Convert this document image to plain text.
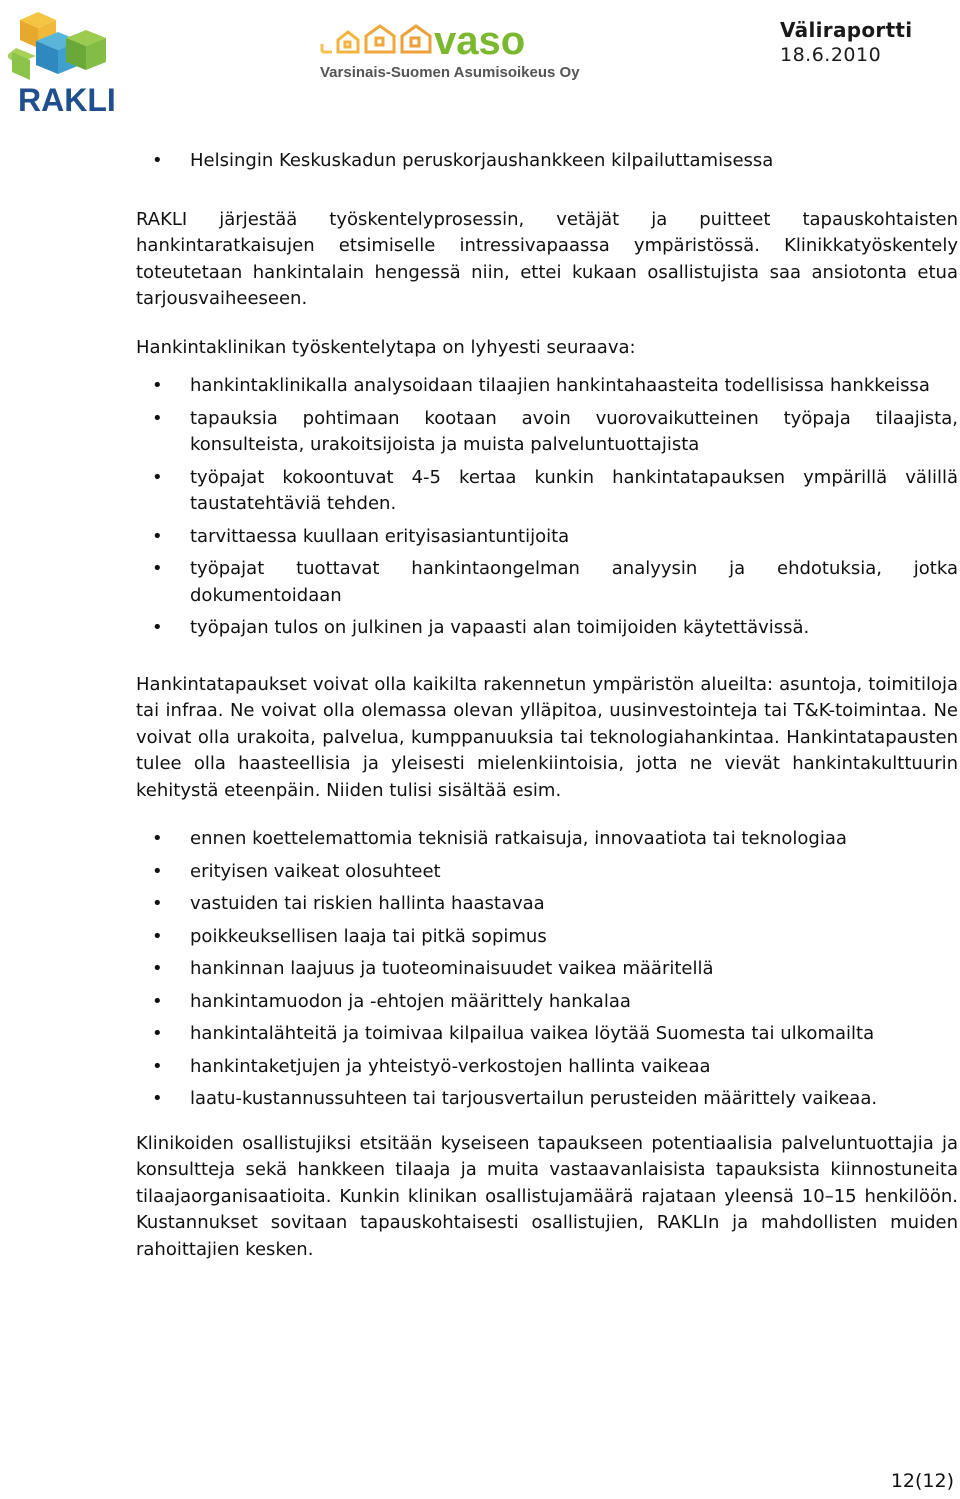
RAKLI
vaso
Varsinais-Suomen Asumisoikeus Oy
Väliraportti
18.6.2010
• Helsingin Keskuskadun peruskorjaushankkeen kilpailuttamisessa

RAKLI järjestää työskentelyprosessin, vetäjät ja puitteet tapauskohtaisten hankintaratkaisujen etsimiselle intressivapaassa ympäristössä. Klinikkatyöskentely toteutetaan hankintalain hengessä niin, ettei kukaan osallistujista saa ansiotonta etua tarjousvaiheeseen.

Hankintaklinikan työskentelytapa on lyhyesti seuraava:

• hankintaklinikalla analysoidaan tilaajien hankintahaasteita todellisissa hankkeissa
• tapauksia pohtimaan kootaan avoin vuorovaikutteinen työpaja tilaajista, konsulteista, urakoitsijoista ja muista palveluntuottajista
• työpajat kokoontuvat 4-5 kertaa kunkin hankintatapauksen ympärillä välillä taustatehtäviä tehden.
• tarvittaessa kuullaan erityisasiantuntijoita
• työpajat tuottavat hankintaongelman analyysin ja ehdotuksia, jotka dokumentoidaan
• työpajan tulos on julkinen ja vapaasti alan toimijoiden käytettävissä.

Hankintatapaukset voivat olla kaikilta rakennetun ympäristön alueilta: asuntoja, toimitiloja tai infraa. Ne voivat olla olemassa olevan ylläpitoa, uusinvestointeja tai T&K-toimintaa. Ne voivat olla urakoita, palvelua, kumppanuuksia tai teknologiahankintaa. Hankintatapausten tulee olla haasteellisia ja yleisesti mielenkiintoisia, jotta ne vievät hankintakulttuurin kehitystä eteenpäin. Niiden tulisi sisältää esim.

• ennen koettelemattomia teknisiä ratkaisuja, innovaatiota tai teknologiaa
• erityisen vaikeat olosuhteet
• vastuiden tai riskien hallinta haastavaa
• poikkeuksellisen laaja tai pitkä sopimus
• hankinnan laajuus ja tuoteominaisuudet vaikea määritellä
• hankintamuodon ja -ehtojen määrittely hankalaa
• hankintalähteitä ja toimivaa kilpailua vaikea löytää Suomesta tai ulkomailta
• hankintaketjujen ja yhteistyö-verkostojen hallinta vaikeaa
• laatu-kustannussuhteen tai tarjousvertailun perusteiden määrittely vaikeaa.

Klinikoiden osallistujiksi etsitään kyseiseen tapaukseen potentiaalisia palveluntuottajia ja konsultteja sekä hankkeen tilaaja ja muita vastaavanlaisista tapauksista kiinnostuneita tilaajaorganisaatioita. Kunkin klinikan osallistujamäärä rajataan yleensä 10–15 henkilöön. Kustannukset sovitaan tapauskohtaisesti osallistujien, RAKLIn ja mahdollisten muiden rahoittajien kesken.

12(12)
